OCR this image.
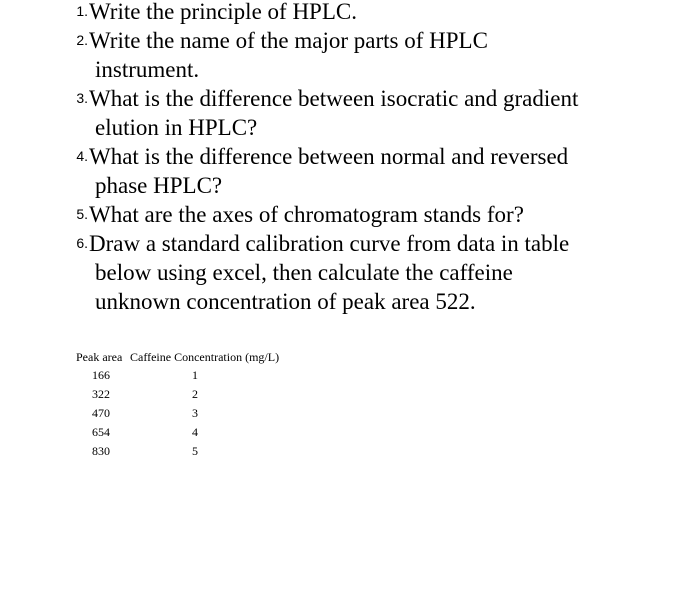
1. Write the principle of HPLC.
2. Write the name of the major parts of HPLC
instrument.
3. What is the difference between isocratic and gradient
elution in HPLC?
4. What is the difference between normal and reversed
phase HPLC?
5. What are the axes of chromatogram stands for?
6. Draw a standard calibration curve from data in table
below using excel, then calculate the caffeine
unknown concentration of peak area 522.
Peak area	Caffeine Concentration (mg/L)
166	1
322	2
470	3
654	4
830	5
